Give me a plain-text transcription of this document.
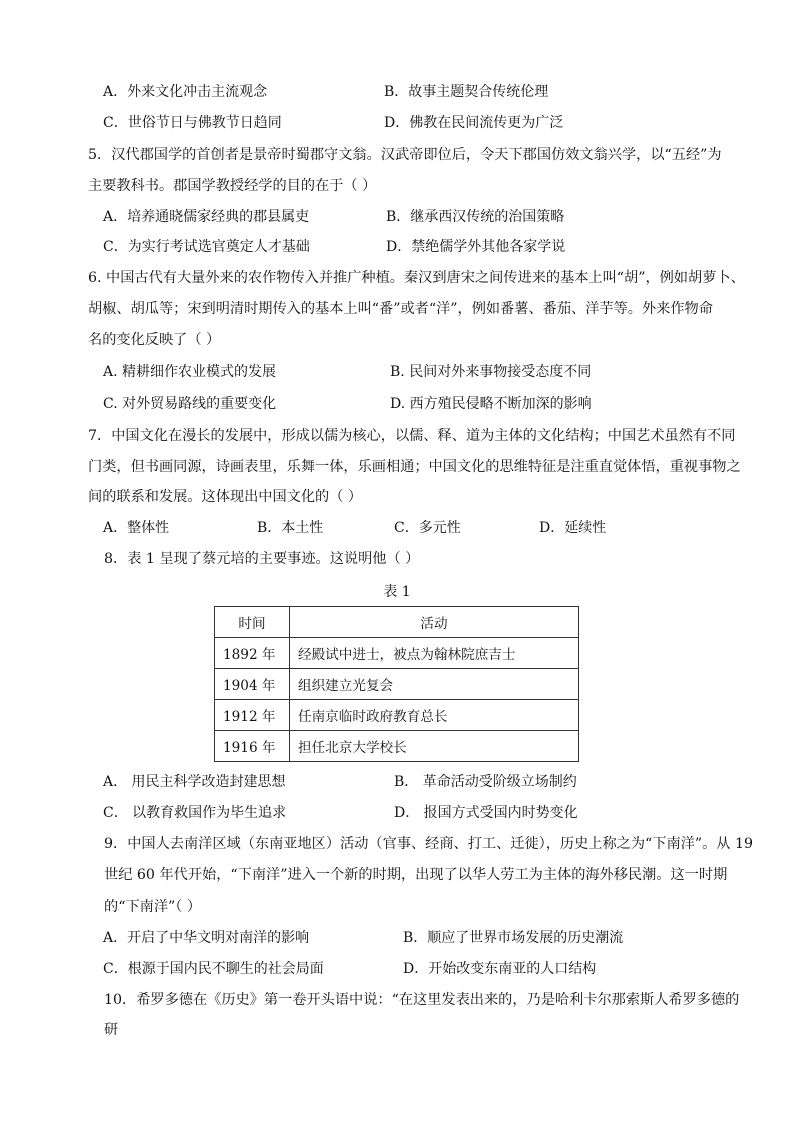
A．外来文化冲击主流观念	B．故事主题契合传统伦理
C．世俗节日与佛教节日趋同	D．佛教在民间流传更为广泛
5．汉代郡国学的首创者是景帝时蜀郡守文翁。汉武帝即位后，令天下郡国仿效文翁兴学，以“五经”为
主要教科书。郡国学教授经学的目的在于（ ）
A．培养通晓儒家经典的郡县属吏	B．继承西汉传统的治国策略
C．为实行考试选官奠定人才基础	D．禁绝儒学外其他各家学说
6. 中国古代有大量外来的农作物传入并推广种植。秦汉到唐宋之间传进来的基本上叫“胡”，例如胡萝卜、
胡椒、胡瓜等；宋到明清时期传入的基本上叫“番”或者“洋”，例如番薯、番茄、洋芋等。外来作物命
名的变化反映了（ ）
A. 精耕细作农业模式的发展	B. 民间对外来事物接受态度不同
C. 对外贸易路线的重要变化	D. 西方殖民侵略不断加深的影响
7．中国文化在漫长的发展中，形成以儒为核心，以儒、释、道为主体的文化结构；中国艺术虽然有不同
门类，但书画同源，诗画表里，乐舞一体，乐画相通；中国文化的思维特征是注重直觉体悟，重视事物之
间的联系和发展。这体现出中国文化的（ ）
A．整体性	B．本土性	C．多元性	D．延续性
8．表 1 呈现了蔡元培的主要事迹。这说明他（ ）
表 1
时间	活动
1892 年	经殿试中进士，被点为翰林院庶吉士
1904 年	组织建立光复会
1912 年	任南京临时政府教育总长
1916 年	担任北京大学校长
A． 用民主科学改造封建思想	B． 革命活动受阶级立场制约
C． 以教育救国作为毕生追求	D． 报国方式受国内时势变化
9．中国人去南洋区域（东南亚地区）活动（官事、经商、打工、迁徙），历史上称之为“下南洋”。从 19
世纪 60 年代开始，“下南洋”进入一个新的时期，出现了以华人劳工为主体的海外移民潮。这一时期
的“下南洋”（ ）
A．开启了中华文明对南洋的影响	B．顺应了世界市场发展的历史潮流
C．根源于国内民不聊生的社会局面	D．开始改变东南亚的人口结构
10．希罗多德在《历史》第一卷开头语中说：“在这里发表出来的，乃是哈利卡尔那索斯人希罗多德的
研
